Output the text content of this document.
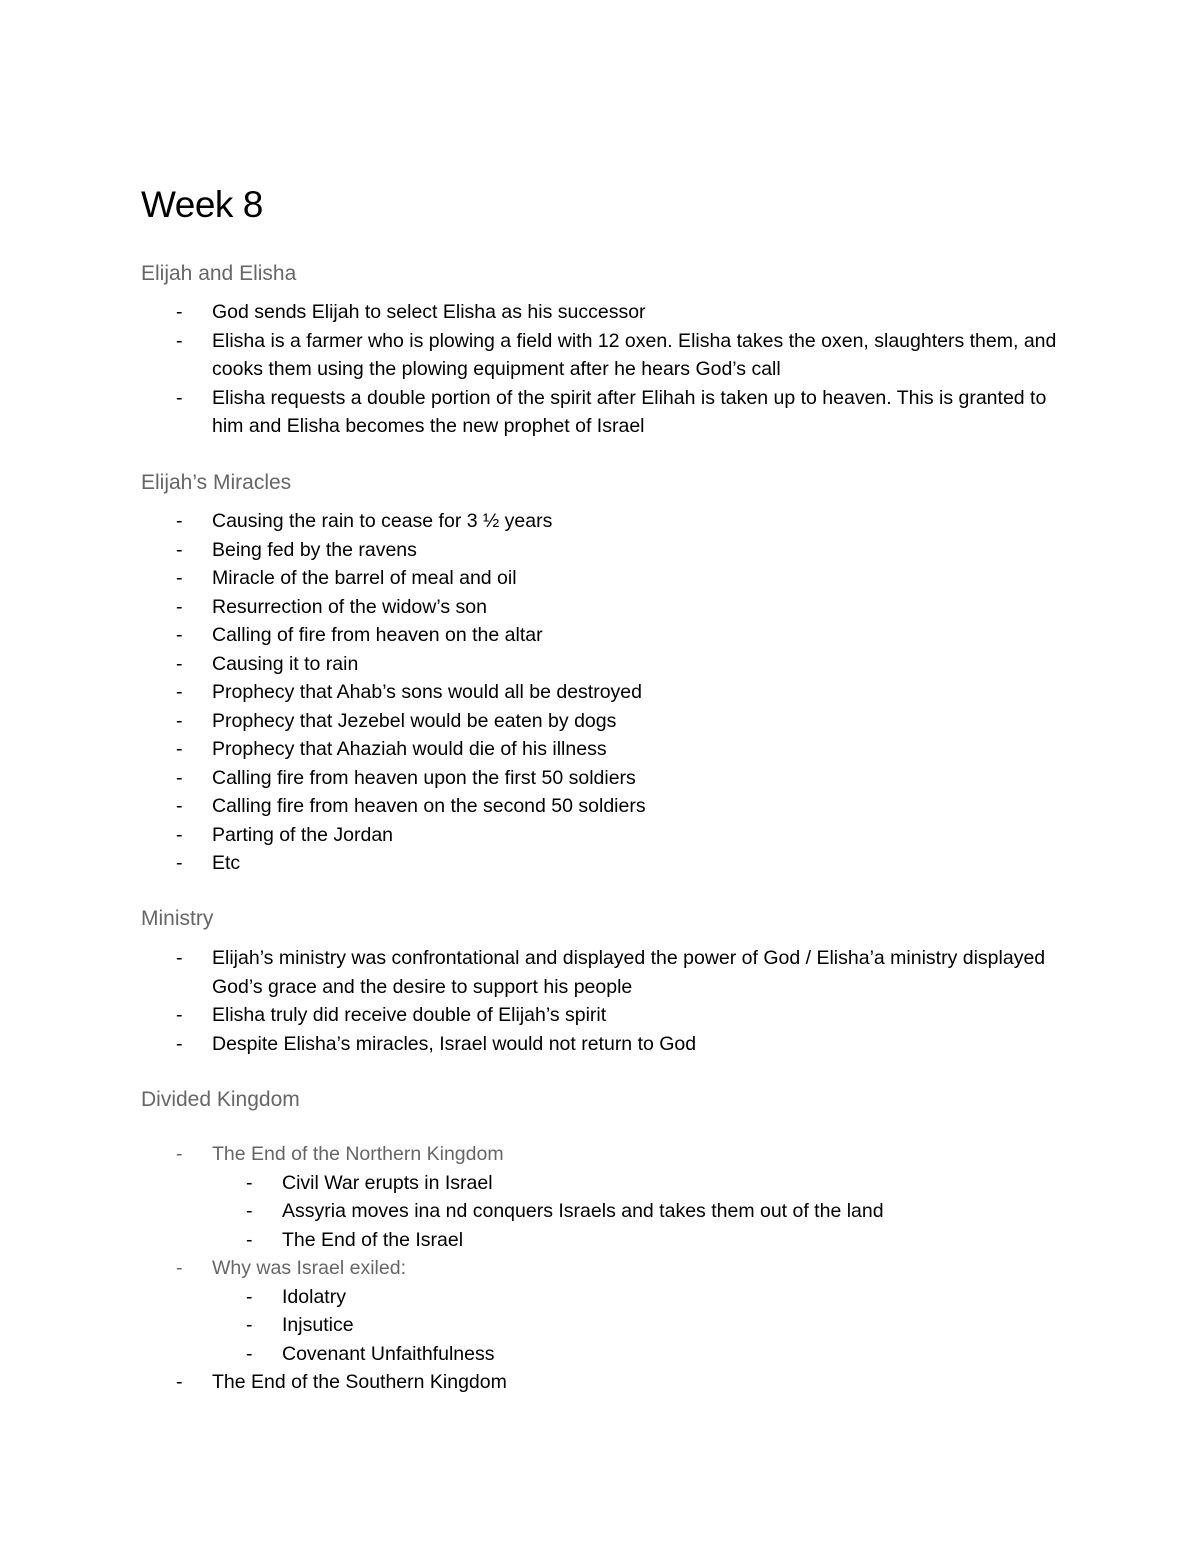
Week 8
Elijah and Elisha
- God sends Elijah to select Elisha as his successor
- Elisha is a farmer who is plowing a field with 12 oxen. Elisha takes the oxen, slaughters them, and cooks them using the plowing equipment after he hears God’s call
- Elisha requests a double portion of the spirit after Elihah is taken up to heaven. This is granted to him and Elisha becomes the new prophet of Israel
Elijah’s Miracles
- Causing the rain to cease for 3 ½ years
- Being fed by the ravens
- Miracle of the barrel of meal and oil
- Resurrection of the widow’s son
- Calling of fire from heaven on the altar
- Causing it to rain
- Prophecy that Ahab’s sons would all be destroyed
- Prophecy that Jezebel would be eaten by dogs
- Prophecy that Ahaziah would die of his illness
- Calling fire from heaven upon the first 50 soldiers
- Calling fire from heaven on the second 50 soldiers
- Parting of the Jordan
- Etc
Ministry
- Elijah’s ministry was confrontational and displayed the power of God / Elisha’a ministry displayed God’s grace and the desire to support his people
- Elisha truly did receive double of Elijah’s spirit
- Despite Elisha’s miracles, Israel would not return to God
Divided Kingdom
- The End of the Northern Kingdom
- Civil War erupts in Israel
- Assyria moves ina nd conquers Israels and takes them out of the land
- The End of the Israel
- Why was Israel exiled:
- Idolatry
- Injsutice
- Covenant Unfaithfulness
- The End of the Southern Kingdom
